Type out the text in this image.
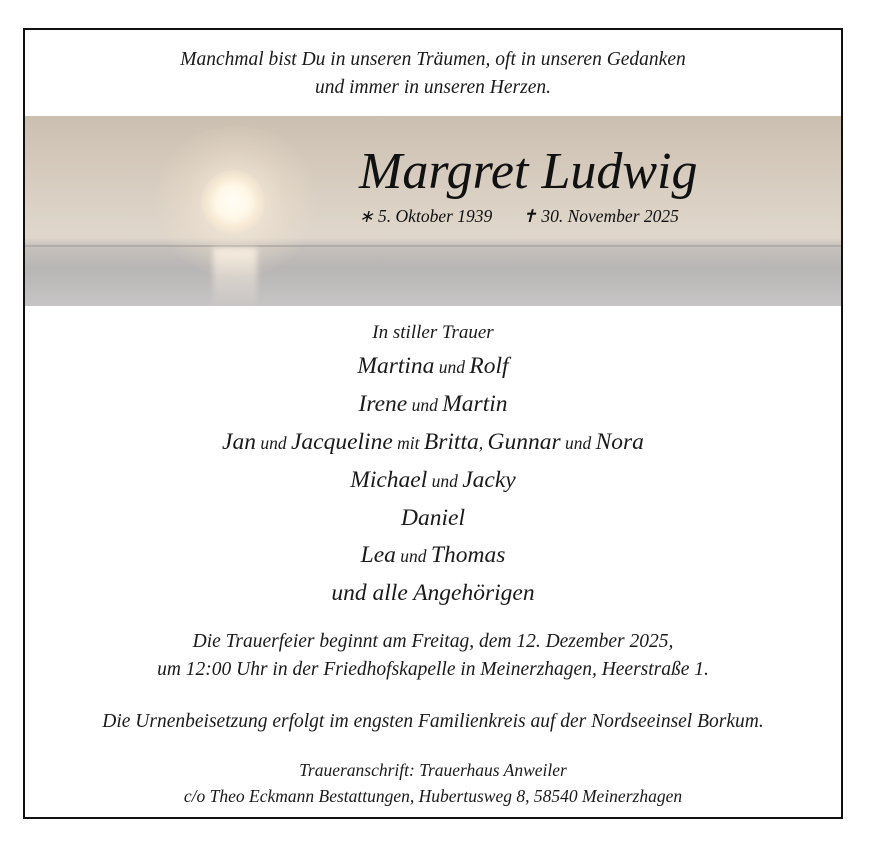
Manchmal bist Du in unseren Träumen, oft in unseren Gedanken
und immer in unseren Herzen.
Margret Ludwig
∗ 5. Oktober 1939 ✝ 30. November 2025
In stiller Trauer
Martina und Rolf
Irene und Martin
Jan und Jacqueline mit Britta, Gunnar und Nora
Michael und Jacky
Daniel
Lea und Thomas
und alle Angehörigen
Die Trauerfeier beginnt am Freitag, dem 12. Dezember 2025,
um 12:00 Uhr in der Friedhofskapelle in Meinerzhagen, Heerstraße 1.
Die Urnenbeisetzung erfolgt im engsten Familienkreis auf der Nordseeinsel Borkum.
Traueranschrift: Trauerhaus Anweiler
c/o Theo Eckmann Bestattungen, Hubertusweg 8, 58540 Meinerzhagen
